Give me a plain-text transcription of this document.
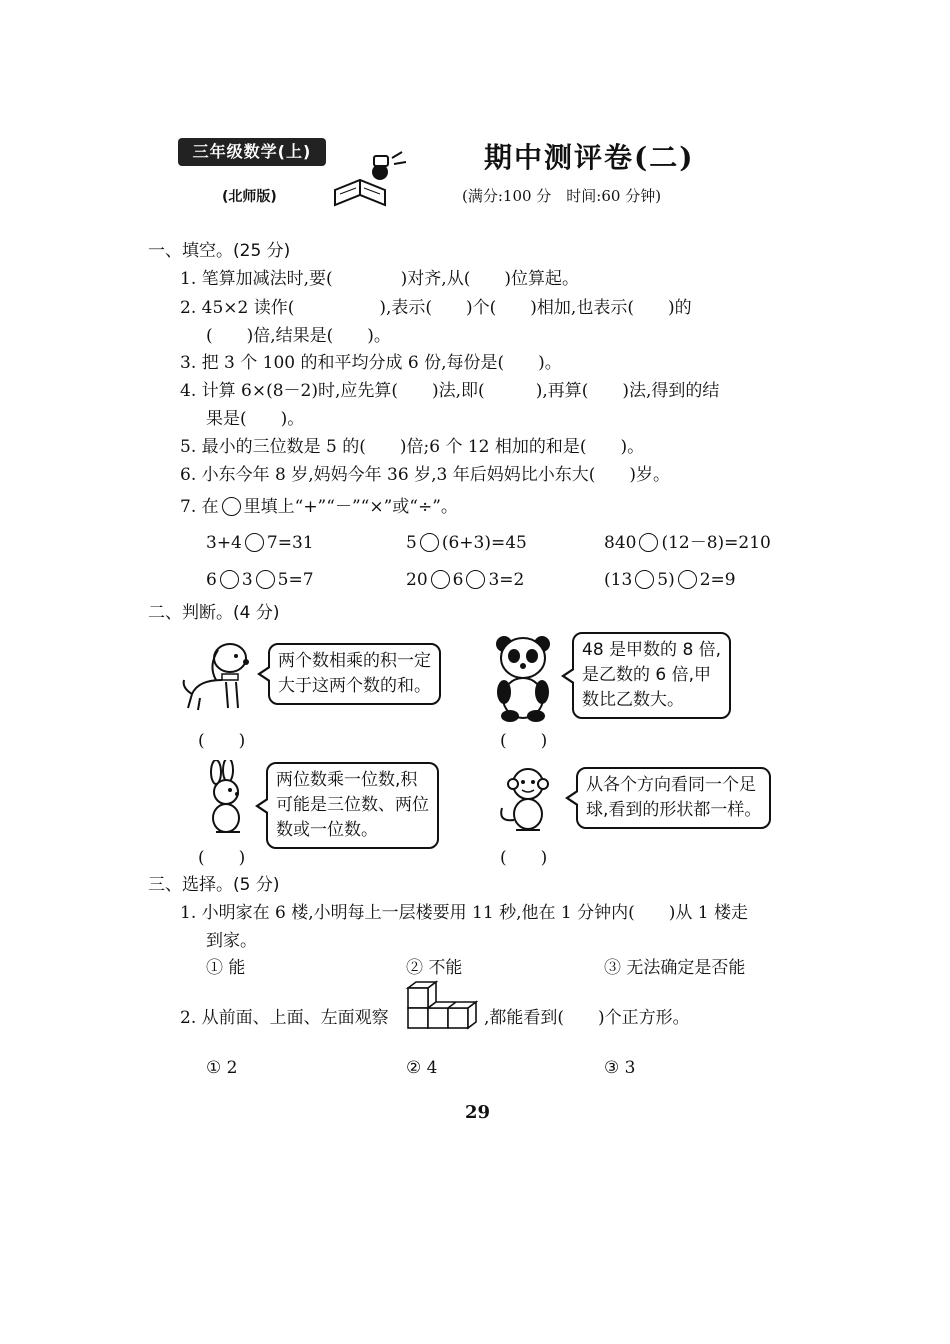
三年级数学(上)
(北师版)
期中测评卷(二)
(满分:100 分　时间:60 分钟)
一、填空。(25 分)
1. 笔算加减法时,要(　　　　)对齐,从(　　)位算起。
2. 45×2 读作(　　　　　),表示(　　)个(　　)相加,也表示(　　)的
(　　)倍,结果是(　　)。
3. 把 3 个 100 的和平均分成 6 份,每份是(　　)。
4. 计算 6×(8－2)时,应先算(　　)法,即(　　　),再算(　　)法,得到的结
果是(　　)。
5. 最小的三位数是 5 的(　　)倍;6 个 12 相加的和是(　　)。
6. 小东今年 8 岁,妈妈今年 36 岁,3 年后妈妈比小东大(　　)岁。
7. 在 里填上“+”“－”“×”或“÷”。
3+4 7=31	5 (6+3)=45	840 (12－8)=210
6 3 5=7	20 6 3=2	(13 5) 2=9
二、判断。(4 分)
两个数相乘的积一定
大于这两个数的和。
48 是甲数的 8 倍,
是乙数的 6 倍,甲
数比乙数大。
(　　)	(　　)
两位数乘一位数,积
可能是三位数、两位
数或一位数。
从各个方向看同一个足
球,看到的形状都一样。
(　　)	(　　)
三、选择。(5 分)
1. 小明家在 6 楼,小明每上一层楼要用 11 秒,他在 1 分钟内(　　)从 1 楼走
到家。
① 能	② 不能	③ 无法确定是否能
2. 从前面、上面、左面观察	,都能看到(　　)个正方形。
① 2	② 4	③ 3
29
